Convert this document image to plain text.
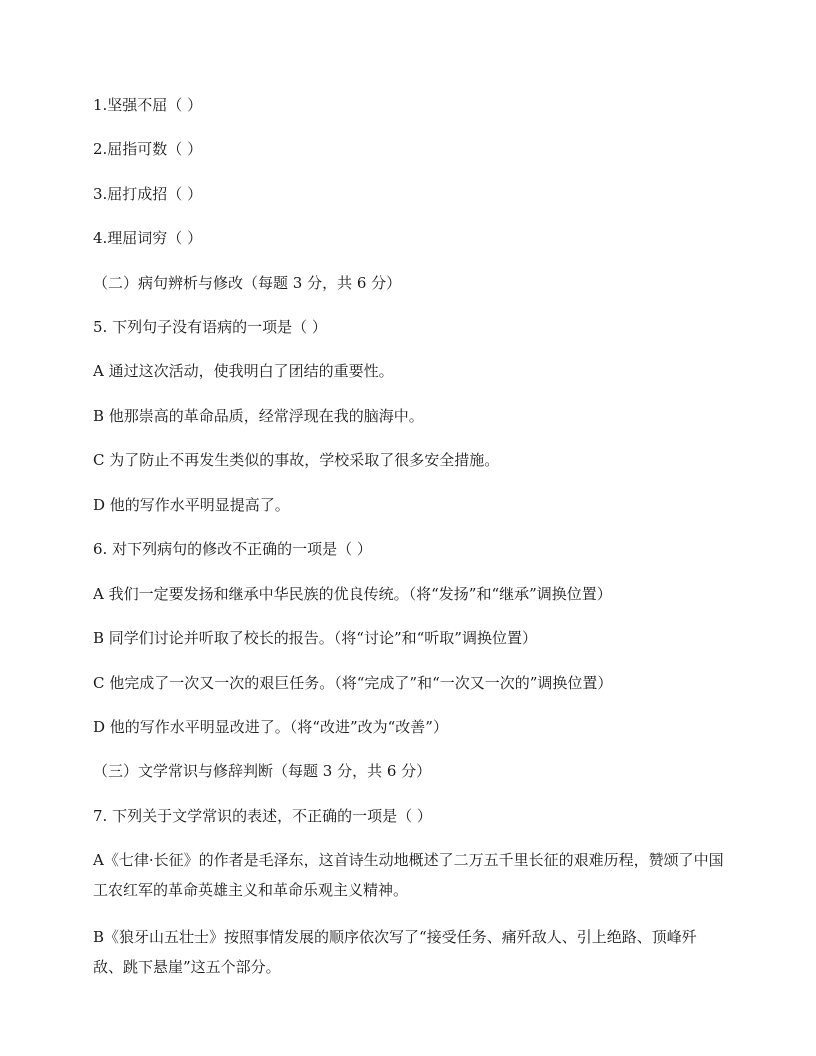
1.坚强不屈（ ）
2.屈指可数（ ）
3.屈打成招（ ）
4.理屈词穷（ ）
（二）病句辨析与修改（每题 3 分，共 6 分）
5. 下列句子没有语病的一项是（ ）
A 通过这次活动，使我明白了团结的重要性。
B 他那崇高的革命品质，经常浮现在我的脑海中。
C 为了防止不再发生类似的事故，学校采取了很多安全措施。
D 他的写作水平明显提高了。
6. 对下列病句的修改不正确的一项是（ ）
A 我们一定要发扬和继承中华民族的优良传统。（将“发扬”和“继承”调换位置）
B 同学们讨论并听取了校长的报告。（将“讨论”和“听取”调换位置）
C 他完成了一次又一次的艰巨任务。（将“完成了”和“一次又一次的”调换位置）
D 他的写作水平明显改进了。（将“改进”改为“改善”）
（三）文学常识与修辞判断（每题 3 分，共 6 分）
7. 下列关于文学常识的表述，不正确的一项是（ ）
A《七律·长征》的作者是毛泽东，这首诗生动地概述了二万五千里长征的艰难历程，赞颂了中国工农红军的革命英雄主义和革命乐观主义精神。
B《狼牙山五壮士》按照事情发展的顺序依次写了“接受任务、痛歼敌人、引上绝路、顶峰歼敌、跳下悬崖”这五个部分。
